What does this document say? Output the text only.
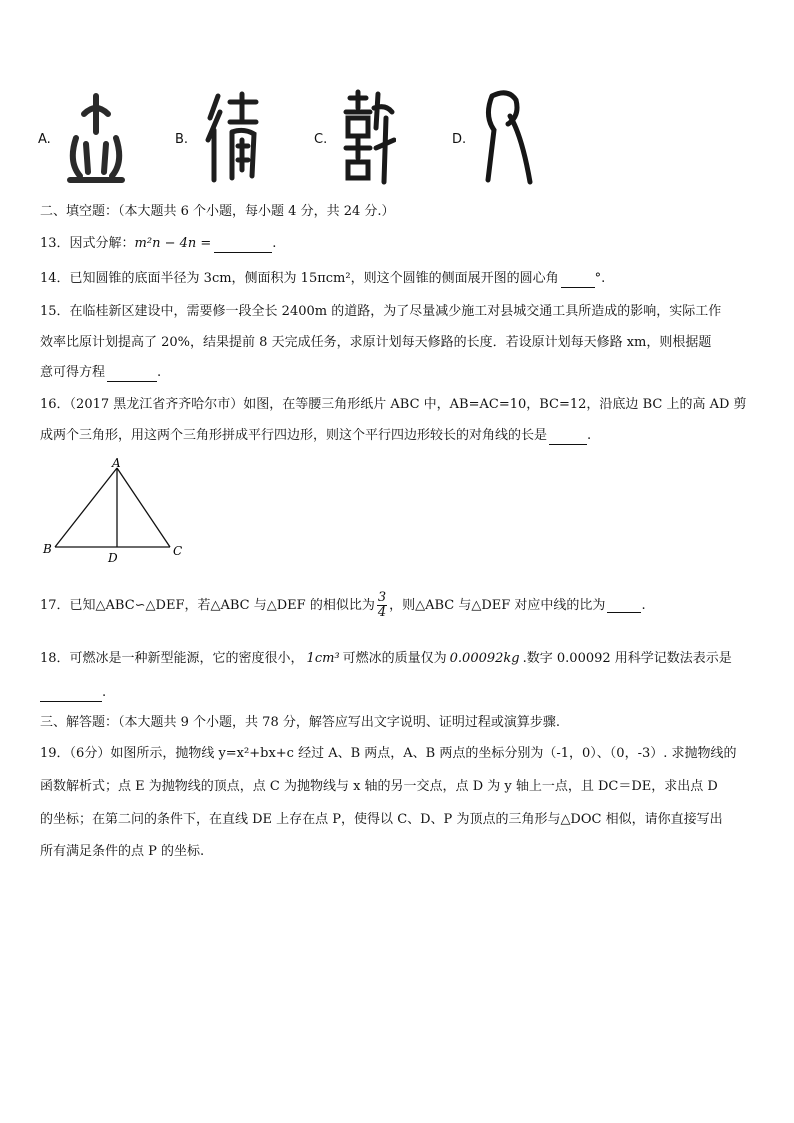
A.	B.	C.	D.
二、填空题：（本大题共 6 个小题，每小题 4 分，共 24 分.）
13．因式分解：m²n − 4n =	.
14．已知圆锥的底面半径为 3cm，侧面积为 15πcm²，则这个圆锥的侧面展开图的圆心角	°.
15．在临桂新区建设中，需要修一段全长 2400m 的道路，为了尽量减少施工对县城交通工具所造成的影响，实际工作
效率比原计划提高了 20%，结果提前 8 天完成任务，求原计划每天修路的长度．若设原计划每天修路 xm，则根据题
意可得方程	.
16．（2017 黑龙江省齐齐哈尔市）如图，在等腰三角形纸片 ABC 中，AB=AC=10，BC=12，沿底边 BC 上的高 AD 剪
成两个三角形，用这两个三角形拼成平行四边形，则这个平行四边形较长的对角线的长是	.
A
B	C
D
17．已知△ABC∽△DEF，若△ABC 与△DEF 的相似比为 $\frac{3}{4}$ ，则△ABC 与△DEF 对应中线的比为	.
18．可燃冰是一种新型能源，它的密度很小， 1cm³ 可燃冰的质量仅为 0.00092kg .数字 0.00092 用科学记数法表示是
.
三、解答题：（本大题共 9 个小题，共 78 分，解答应写出文字说明、证明过程或演算步骤.
19．（6分）如图所示，抛物线 y=x²+bx+c 经过 A、B 两点，A、B 两点的坐标分别为（-1，0）、（0，-3）. 求抛物线的
函数解析式；点 E 为抛物线的顶点，点 C 为抛物线与 x 轴的另一交点，点 D 为 y 轴上一点，且 DC＝DE，求出点 D
的坐标；在第二问的条件下，在直线 DE 上存在点 P，使得以 C、D、P 为顶点的三角形与△DOC 相似，请你直接写出
所有满足条件的点 P 的坐标.
